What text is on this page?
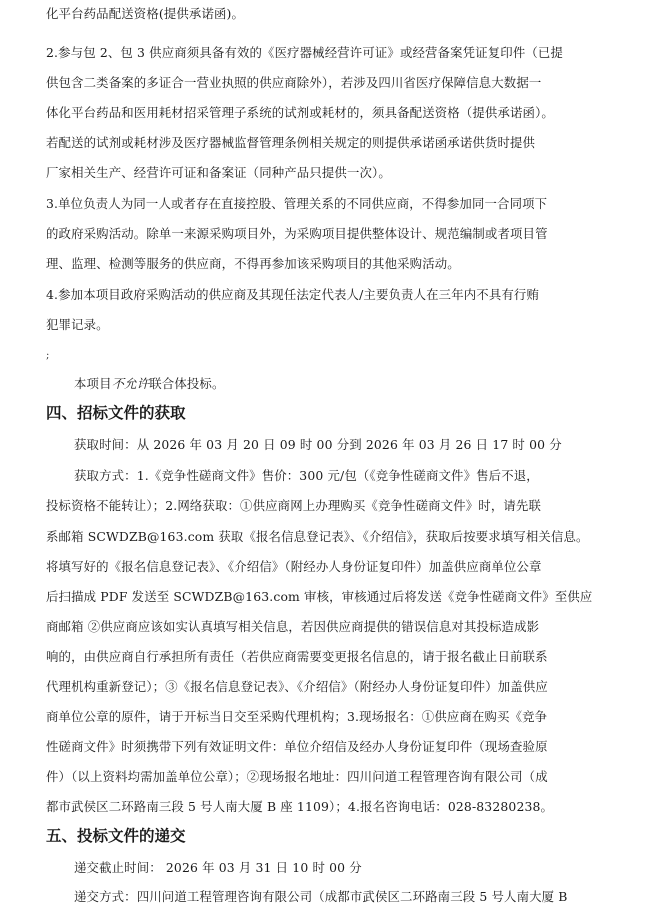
化平台药品配送资格(提供承诺函)。
2.参与包 2、包 3 供应商须具备有效的《医疗器械经营许可证》或经营备案凭证复印件（已提
供包含二类备案的多证合一营业执照的供应商除外），若涉及四川省医疗保障信息大数据一
体化平台药品和医用耗材招采管理子系统的试剂或耗材的，须具备配送资格（提供承诺函）。
若配送的试剂或耗材涉及医疗器械监督管理条例相关规定的则提供承诺函承诺供货时提供
厂家相关生产、经营许可证和备案证（同种产品只提供一次）。
3.单位负责人为同一人或者存在直接控股、管理关系的不同供应商，不得参加同一合同项下
的政府采购活动。除单一来源采购项目外，为采购项目提供整体设计、规范编制或者项目管
理、监理、检测等服务的供应商，不得再参加该采购项目的其他采购活动。
4.参加本项目政府采购活动的供应商及其现任法定代表人/主要负责人在三年内不具有行贿
犯罪记录。
;
本项目不允许联合体投标。
四、招标文件的获取
获取时间：从 2026 年 03 月 20 日 09 时 00 分到 2026 年 03 月 26 日 17 时 00 分
获取方式：1.《竞争性磋商文件》售价：300 元/包（《竞争性磋商文件》售后不退，
投标资格不能转让）；2.网络获取：①供应商网上办理购买《竞争性磋商文件》时，请先联
系邮箱 SCWDZB@163.com 获取《报名信息登记表》、《介绍信》，获取后按要求填写相关信息。
将填写好的《报名信息登记表》、《介绍信》（附经办人身份证复印件）加盖供应商单位公章
后扫描成 PDF 发送至 SCWDZB@163.com 审核，审核通过后将发送《竞争性磋商文件》至供应
商邮箱 ②供应商应该如实认真填写相关信息，若因供应商提供的错误信息对其投标造成影
响的，由供应商自行承担所有责任（若供应商需要变更报名信息的，请于报名截止日前联系
代理机构重新登记）；③《报名信息登记表》、《介绍信》（附经办人身份证复印件）加盖供应
商单位公章的原件，请于开标当日交至采购代理机构；3.现场报名：①供应商在购买《竞争
性磋商文件》时须携带下列有效证明文件：单位介绍信及经办人身份证复印件（现场查验原
件）（以上资料均需加盖单位公章）；②现场报名地址：四川问道工程管理咨询有限公司（成
都市武侯区二环路南三段 5 号人南大厦 B 座 1109）；4.报名咨询电话：028-83280238。
五、投标文件的递交
递交截止时间： 2026 年 03 月 31 日 10 时 00 分
递交方式：四川问道工程管理咨询有限公司（成都市武侯区二环路南三段 5 号人南大厦 B
